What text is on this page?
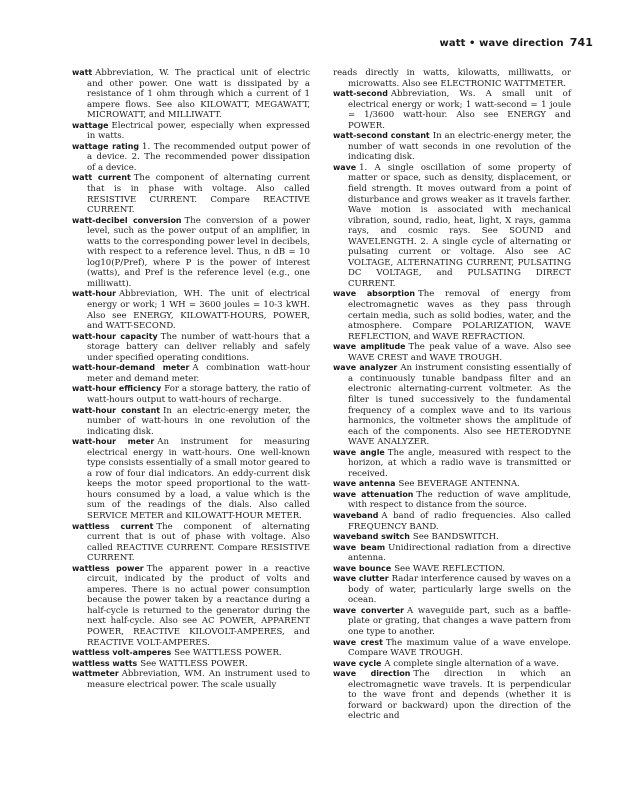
watt • wave direction 741

watt Abbreviation, W. The practical unit of electric and other power. One watt is dissipated by a resistance of 1 ohm through which a current of 1 ampere flows. See also KILOWATT, MEGAWATT, MICROWATT, and MILLIWATT.

wattage Electrical power, especially when expressed in watts.

wattage rating 1. The recommended output power of a device. 2. The recommended power dissipation of a device.

watt current The component of alternating current that is in phase with voltage. Also called RESISTIVE CURRENT. Compare REACTIVE CURRENT.

watt-decibel conversion The conversion of a power level, such as the power output of an amplifier, in watts to the corresponding power level in decibels, with respect to a reference level. Thus, n dB = 10 log10(P/Pref), where P is the power of interest (watts), and Pref is the reference level (e.g., one milliwatt).

watt-hour Abbreviation, WH. The unit of electrical energy or work; 1 WH = 3600 joules = 10-3 kWH. Also see ENERGY, KILOWATT-HOURS, POWER, and WATT-SECOND.

watt-hour capacity The number of watt-hours that a storage battery can deliver reliably and safely under specified operating conditions.

watt-hour-demand meter A combination watt-hour meter and demand meter.

watt-hour efficiency For a storage battery, the ratio of watt-hours output to watt-hours of recharge.

watt-hour constant In an electric-energy meter, the number of watt-hours in one revolution of the indicating disk.

watt-hour meter An instrument for measuring electrical energy in watt-hours. One well-known type consists essentially of a small motor geared to a row of four dial indicators. An eddy-current disk keeps the motor speed proportional to the watt-hours consumed by a load, a value which is the sum of the readings of the dials. Also called SERVICE METER and KILOWATT-HOUR METER.

wattless current The component of alternating current that is out of phase with voltage. Also called REACTIVE CURRENT. Compare RESISTIVE CURRENT.

wattless power The apparent power in a reactive circuit, indicated by the product of volts and amperes. There is no actual power consumption because the power taken by a reactance during a half-cycle is returned to the generator during the next half-cycle. Also see AC POWER, APPARENT POWER, REACTIVE KILOVOLT-AMPERES, and REACTIVE VOLT-AMPERES.

wattless volt-amperes See WATTLESS POWER.

wattless watts See WATTLESS POWER.

wattmeter Abbreviation, WM. An instrument used to measure electrical power. The scale usually

reads directly in watts, kilowatts, milliwatts, or microwatts. Also see ELECTRONIC WATTMETER.

watt-second Abbreviation, Ws. A small unit of electrical energy or work; 1 watt-second = 1 joule = 1/3600 watt-hour. Also see ENERGY and POWER.

watt-second constant In an electric-energy meter, the number of watt seconds in one revolution of the indicating disk.

wave 1. A single oscillation of some property of matter or space, such as density, displacement, or field strength. It moves outward from a point of disturbance and grows weaker as it travels farther. Wave motion is associated with mechanical vibration, sound, radio, heat, light, X rays, gamma rays, and cosmic rays. See SOUND and WAVELENGTH. 2. A single cycle of alternating or pulsating current or voltage. Also see AC VOLTAGE, ALTERNATING CURRENT, PULSATING DC VOLTAGE, and PULSATING DIRECT CURRENT.

wave absorption The removal of energy from electromagnetic waves as they pass through certain media, such as solid bodies, water, and the atmosphere. Compare POLARIZATION, WAVE REFLECTION, and WAVE REFRACTION.

wave amplitude The peak value of a wave. Also see WAVE CREST and WAVE TROUGH.

wave analyzer An instrument consisting essentially of a continuously tunable bandpass filter and an electronic alternating-current voltmeter. As the filter is tuned successively to the fundamental frequency of a complex wave and to its various harmonics, the voltmeter shows the amplitude of each of the components. Also see HETERODYNE WAVE ANALYZER.

wave angle The angle, measured with respect to the horizon, at which a radio wave is transmitted or received.

wave antenna See BEVERAGE ANTENNA.

wave attenuation The reduction of wave amplitude, with respect to distance from the source.

waveband A band of radio frequencies. Also called FREQUENCY BAND.

waveband switch See BANDSWITCH.

wave beam Unidirectional radiation from a directive antenna.

wave bounce See WAVE REFLECTION.

wave clutter Radar interference caused by waves on a body of water, particularly large swells on the ocean.

wave converter A waveguide part, such as a baffle-plate or grating, that changes a wave pattern from one type to another.

wave crest The maximum value of a wave envelope. Compare WAVE TROUGH.

wave cycle A complete single alternation of a wave.

wave direction The direction in which an electromagnetic wave travels. It is perpendicular to the wave front and depends (whether it is forward or backward) upon the direction of the electric and
